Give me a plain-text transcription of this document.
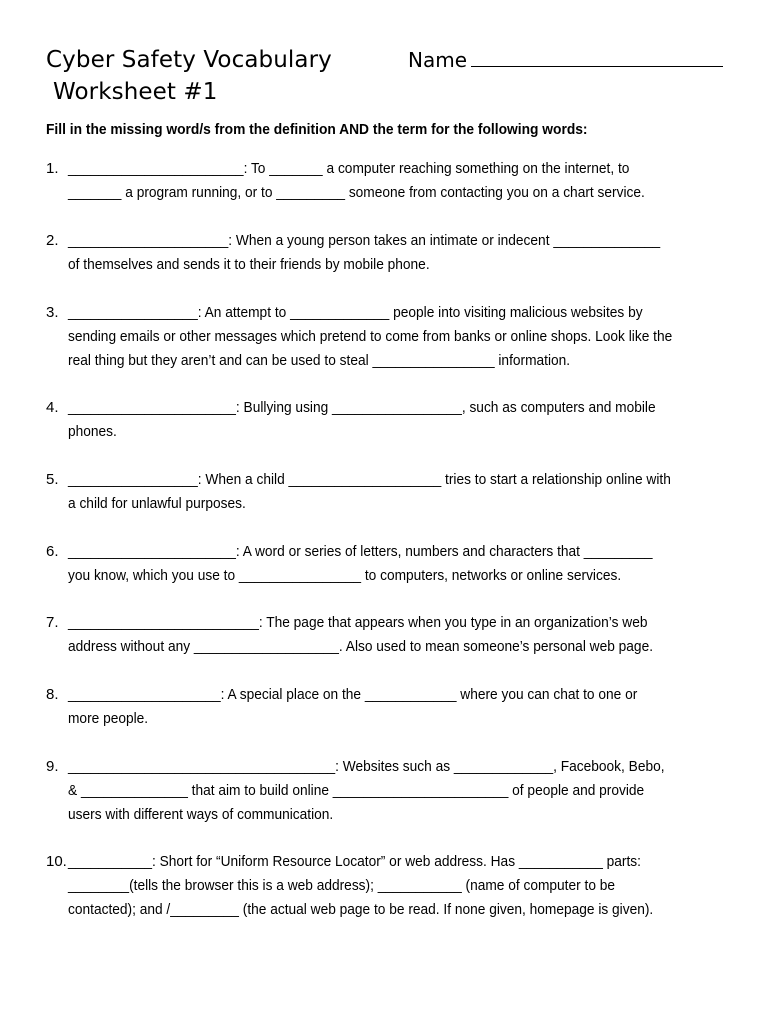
Cyber Safety Vocabulary
Worksheet #1
Name
Fill in the missing word/s from the definition AND the term for the following words:
1. _______________________: To _______ a computer reaching something on the internet, to
_______ a program running, or to _________ someone from contacting you on a chart service.
2. _____________________: When a young person takes an intimate or indecent ______________
of themselves and sends it to their friends by mobile phone.
3. _________________: An attempt to _____________ people into visiting malicious websites by
sending emails or other messages which pretend to come from banks or online shops. Look like the
real thing but they aren’t and can be used to steal ________________ information.
4. ______________________: Bullying using _________________, such as computers and mobile
phones.
5. _________________: When a child ____________________ tries to start a relationship online with
a child for unlawful purposes.
6. ______________________: A word or series of letters, numbers and characters that _________
you know, which you use to ________________ to computers, networks or online services.
7. _________________________: The page that appears when you type in an organization’s web
address without any ___________________. Also used to mean someone’s personal web page.
8. ____________________: A special place on the ____________ where you can chat to one or
more people.
9. ___________________________________: Websites such as _____________, Facebook, Bebo,
& ______________ that aim to build online _______________________ of people and provide
users with different ways of communication.
10. ___________: Short for “Uniform Resource Locator” or web address. Has ___________ parts:
________(tells the browser this is a web address); ___________ (name of computer to be
contacted); and /_________ (the actual web page to be read. If none given, homepage is given).
